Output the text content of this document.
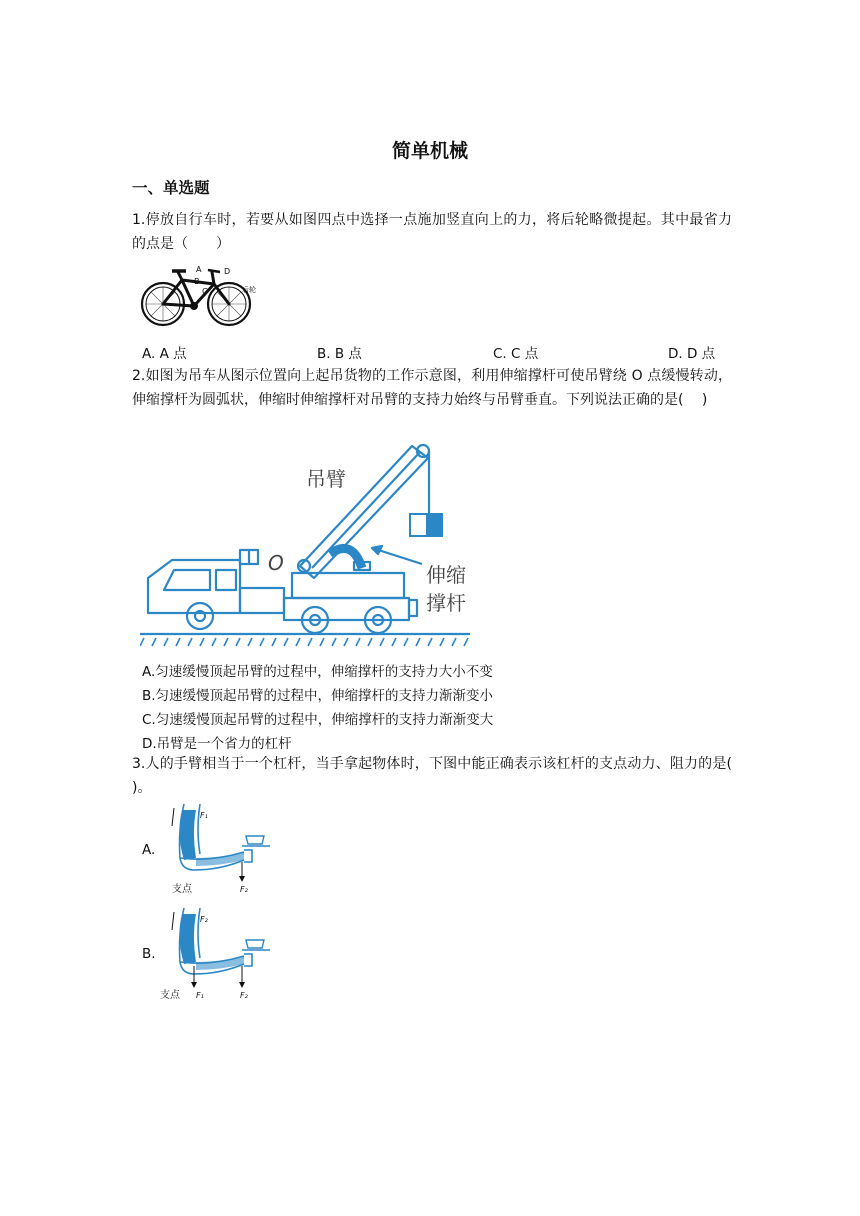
简单机械
一、单选题
1.停放自行车时，若要从如图四点中选择一点施加竖直向上的力，将后轮略微提起。其中最省力的点是（　　）
A
B
C
D
后轮
A. A 点	B. B 点	C. C 点	D. D 点
2.如图为吊车从图示位置向上起吊货物的工作示意图，利用伸缩撑杆可使吊臂绕 O 点缓慢转动，伸缩撑杆为圆弧状，伸缩时伸缩撑杆对吊臂的支持力始终与吊臂垂直。下列说法正确的是(　 )
吊臂
O	伸缩
撑杆
A.匀速缓慢顶起吊臂的过程中，伸缩撑杆的支持力大小不变
B.匀速缓慢顶起吊臂的过程中，伸缩撑杆的支持力渐渐变小
C.匀速缓慢顶起吊臂的过程中，伸缩撑杆的支持力渐渐变大
D.吊臂是一个省力的杠杆
3.人的手臂相当于一个杠杆，当手拿起物体时，下图中能正确表示该杠杆的支点动力、阻力的是(　 )。
A.
F₁
支点	F₂
B.
F₂
支点 F₁	F₂
